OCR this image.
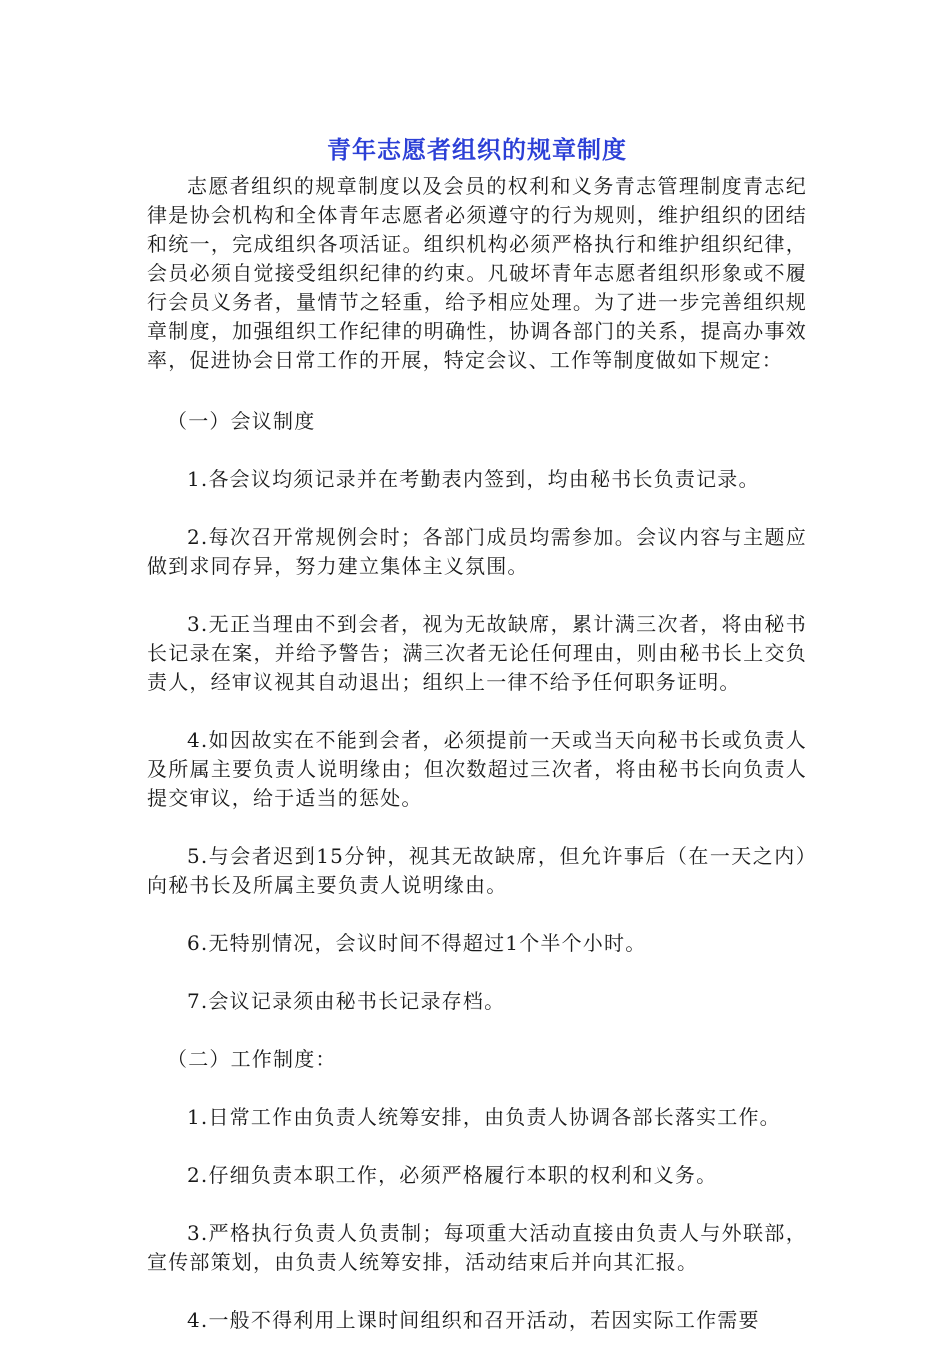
青年志愿者组织的规章制度

志愿者组织的规章制度以及会员的权利和义务青志管理制度青志纪律是协会机构和全体青年志愿者必须遵守的行为规则，维护组织的团结和统一，完成组织各项活证。组织机构必须严格执行和维护组织纪律，会员必须自觉接受组织纪律的约束。凡破坏青年志愿者组织形象或不履行会员义务者，量情节之轻重，给予相应处理。为了进一步完善组织规章制度，加强组织工作纪律的明确性，协调各部门的关系，提高办事效率，促进协会日常工作的开展，特定会议、工作等制度做如下规定：

（一）会议制度

1.各会议均须记录并在考勤表内签到，均由秘书长负责记录。

2.每次召开常规例会时；各部门成员均需参加。会议内容与主题应做到求同存异，努力建立集体主义氛围。

3.无正当理由不到会者，视为无故缺席，累计满三次者，将由秘书长记录在案，并给予警告；满三次者无论任何理由，则由秘书长上交负责人，经审议视其自动退出；组织上一律不给予任何职务证明。

4.如因故实在不能到会者，必须提前一天或当天向秘书长或负责人及所属主要负责人说明缘由；但次数超过三次者，将由秘书长向负责人提交审议，给于适当的惩处。

5.与会者迟到15分钟，视其无故缺席，但允许事后（在一天之内）向秘书长及所属主要负责人说明缘由。

6.无特别情况，会议时间不得超过1个半个小时。

7.会议记录须由秘书长记录存档。

（二）工作制度：

1.日常工作由负责人统筹安排，由负责人协调各部长落实工作。

2.仔细负责本职工作，必须严格履行本职的权利和义务。

3.严格执行负责人负责制；每项重大活动直接由负责人与外联部，宣传部策划，由负责人统筹安排，活动结束后并向其汇报。

4.一般不得利用上课时间组织和召开活动，若因实际工作需要
